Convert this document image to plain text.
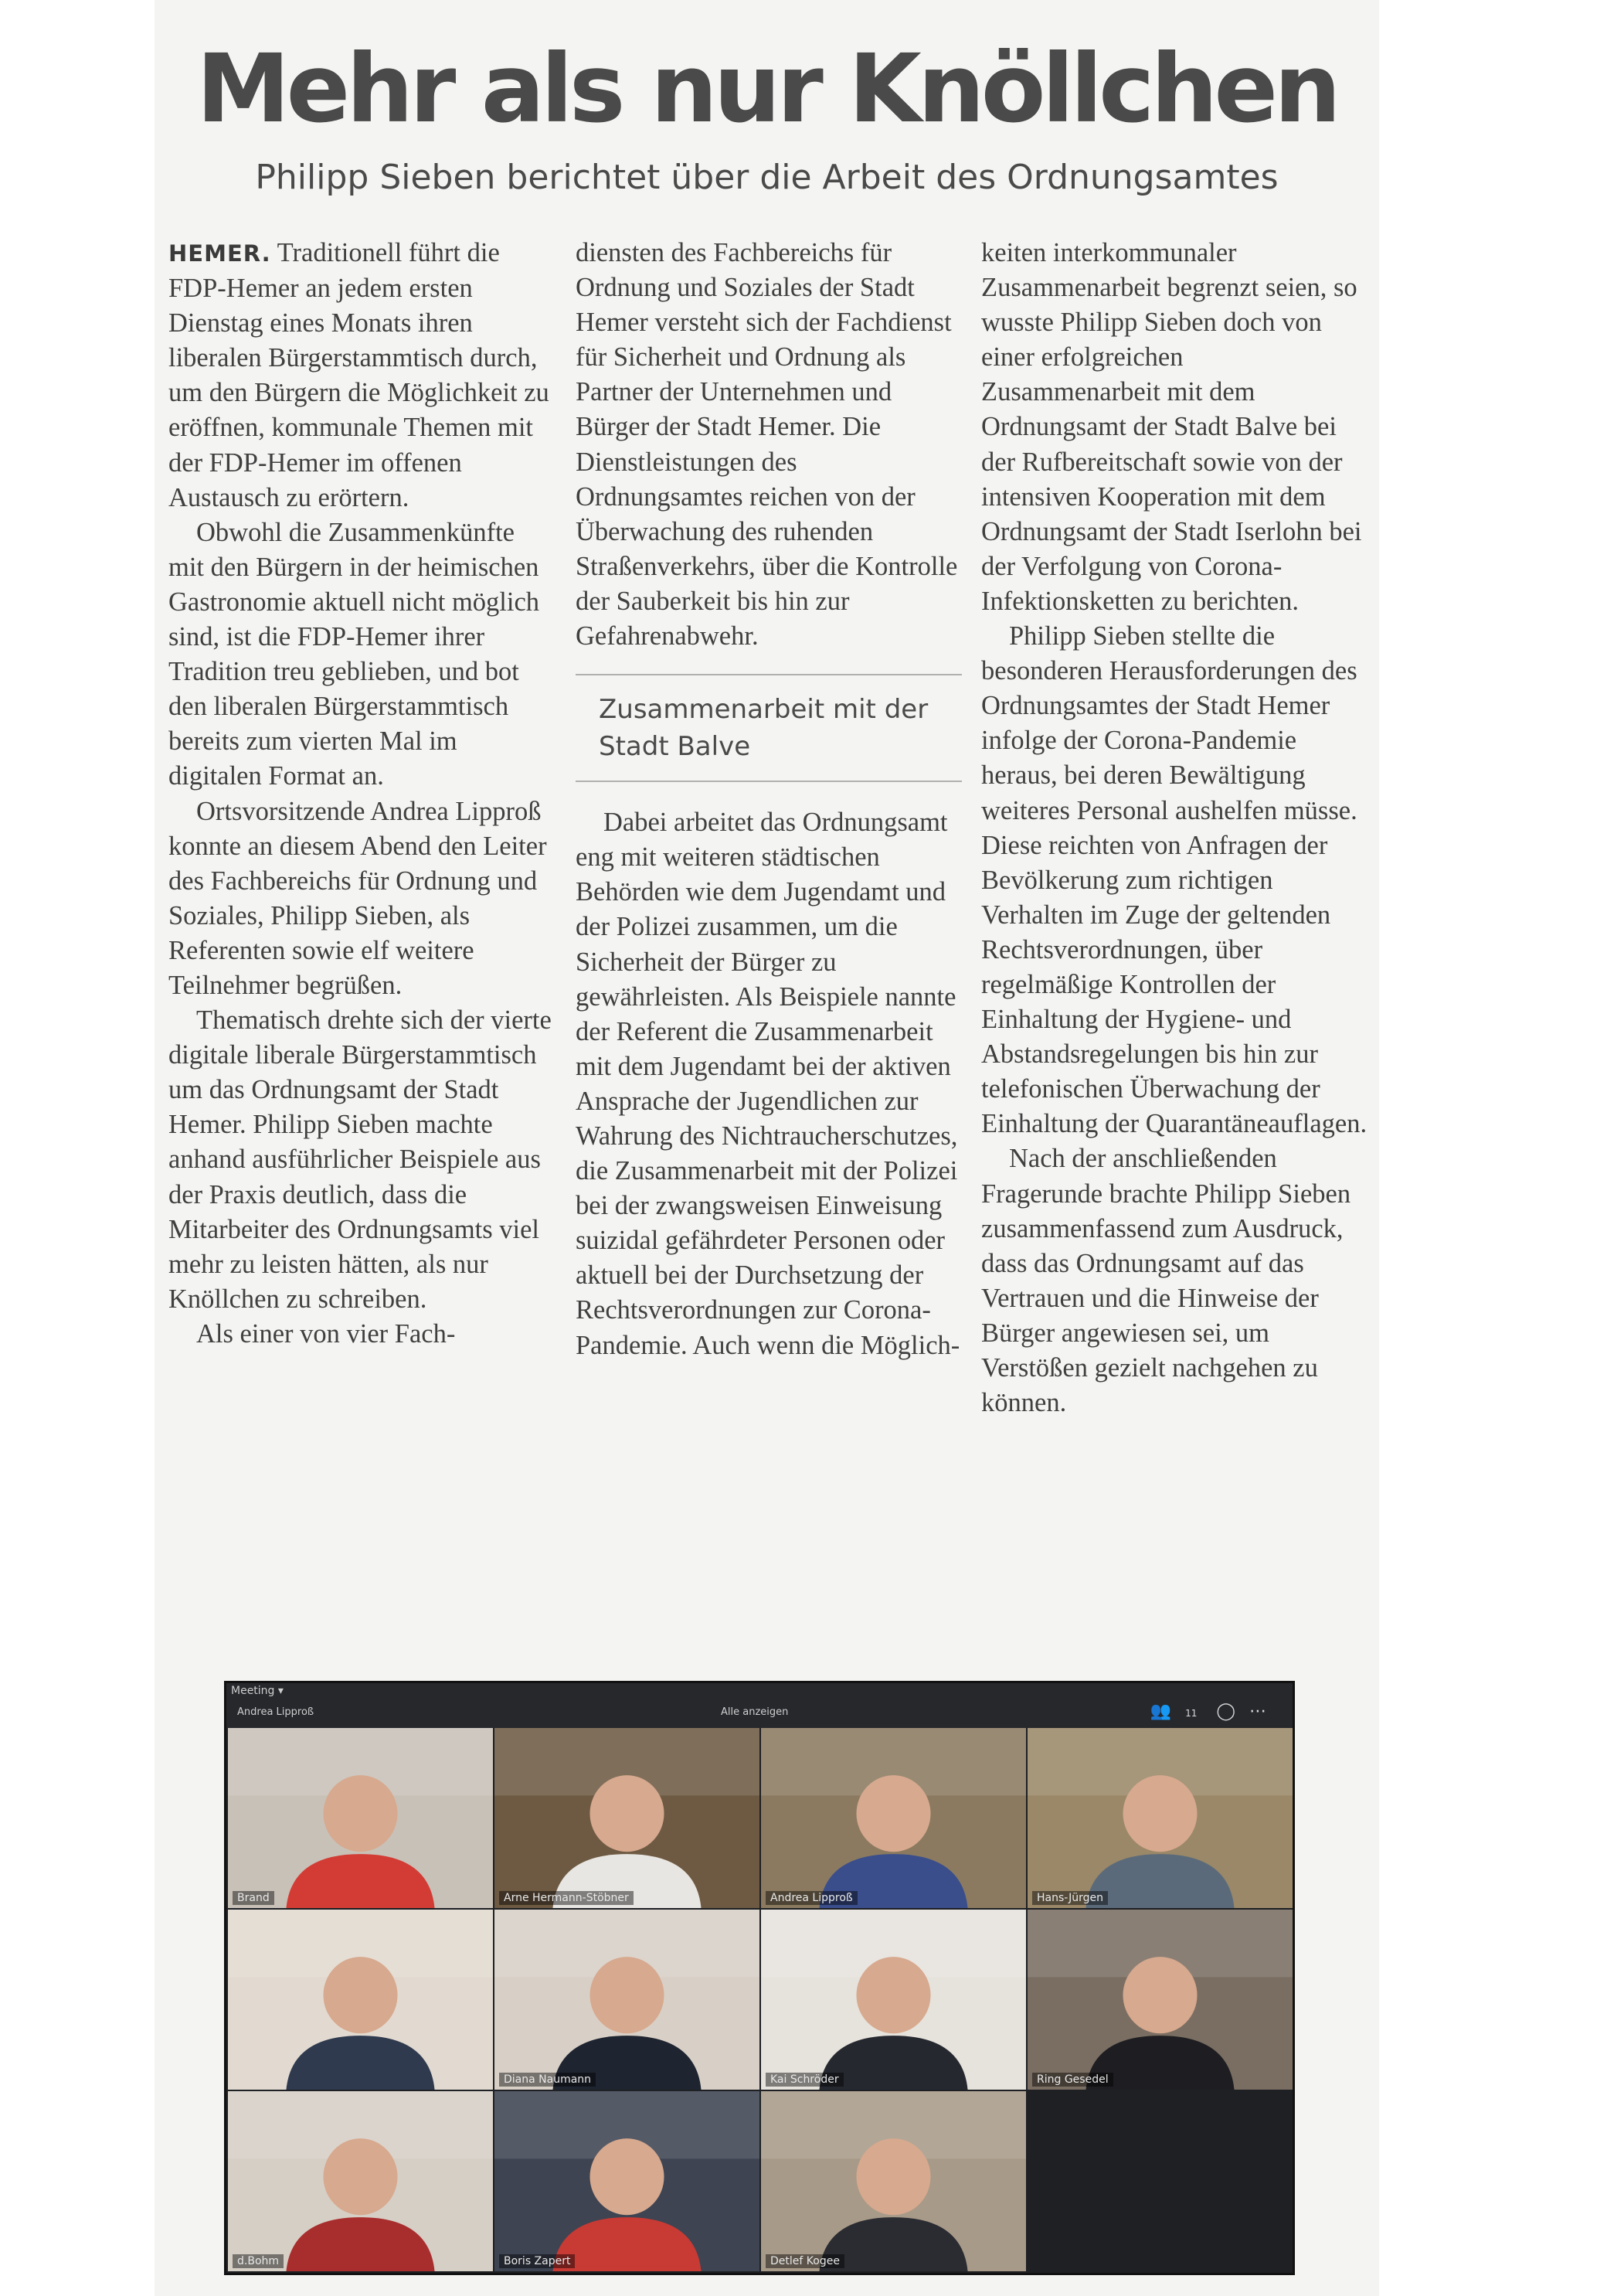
Mehr als nur Knöllchen
Philipp Sieben berichtet über die Arbeit des Ordnungsamtes

HEMER. Traditionell führt die FDP-Hemer an jedem ersten Dienstag eines Monats ihren liberalen Bürgerstammtisch durch, um den Bürgern die Möglichkeit zu eröffnen, kommunale Themen mit der FDP-Hemer im offenen Austausch zu erörtern.

Obwohl die Zusammenkünfte mit den Bürgern in der heimischen Gastronomie aktuell nicht möglich sind, ist die FDP-Hemer ihrer Tradition treu geblieben, und bot den liberalen Bürgerstammtisch bereits zum vierten Mal im digitalen Format an.

Ortsvorsitzende Andrea Lipproß konnte an diesem Abend den Leiter des Fachbereichs für Ordnung und Soziales, Philipp Sieben, als Referenten sowie elf weitere Teilnehmer begrüßen.

Thematisch drehte sich der vierte digitale liberale Bürgerstammtisch um das Ordnungsamt der Stadt Hemer. Philipp Sieben machte anhand ausführlicher Beispiele aus der Praxis deutlich, dass die Mitarbeiter des Ordnungsamts viel mehr zu leisten hätten, als nur Knöllchen zu schreiben.

Als einer von vier Fach-

diensten des Fachbereichs für Ordnung und Soziales der Stadt Hemer versteht sich der Fachdienst für Sicherheit und Ordnung als Partner der Unternehmen und Bürger der Stadt Hemer. Die Dienstleistungen des Ordnungsamtes reichen von der Überwachung des ruhenden Straßenverkehrs, über die Kontrolle der Sauberkeit bis hin zur Gefahrenabwehr.

Zusammenarbeit mit der Stadt Balve

Dabei arbeitet das Ordnungsamt eng mit weiteren städtischen Behörden wie dem Jugendamt und der Polizei zusammen, um die Sicherheit der Bürger zu gewährleisten. Als Beispiele nannte der Referent die Zusammenarbeit mit dem Jugendamt bei der aktiven Ansprache der Jugendlichen zur Wahrung des Nichtraucherschutzes, die Zusammenarbeit mit der Polizei bei der zwangsweisen Einweisung suizidal gefährdeter Personen oder aktuell bei der Durchsetzung der Rechtsverordnungen zur Corona-Pandemie. Auch wenn die Möglich-

keiten interkommunaler Zusammenarbeit begrenzt seien, so wusste Philipp Sieben doch von einer erfolgreichen Zusammenarbeit mit dem Ordnungsamt der Stadt Balve bei der Rufbereitschaft sowie von der intensiven Kooperation mit dem Ordnungsamt der Stadt Iserlohn bei der Verfolgung von Corona-Infektionsketten zu berichten.

Philipp Sieben stellte die besonderen Herausforderungen des Ordnungsamtes der Stadt Hemer infolge der Corona-Pandemie heraus, bei deren Bewältigung weiteres Personal aushelfen müsse. Diese reichten von Anfragen der Bevölkerung zum richtigen Verhalten im Zuge der geltenden Rechtsverordnungen, über regelmäßige Kontrollen der Einhaltung der Hygiene- und Abstandsregelungen bis hin zur telefonischen Überwachung der Einhaltung der Quarantäneauflagen.

Nach der anschließenden Fragerunde brachte Philipp Sieben zusammenfassend zum Ausdruck, dass das Ordnungsamt auf das Vertrauen und die Hinweise der Bürger angewiesen sei, um Verstößen gezielt nachgehen zu können.

Meeting ▾
Andrea Lipproß	Alle anzeigen	👥11 ◯⋯
Brand	Arne Hermann-Stöbner	Andrea Lipproß	Hans-Jürgen
Diana Naumann	Kai Schröder	Ring Gesedel
d.Bohm	Boris Zapert	Detlef Kogee
